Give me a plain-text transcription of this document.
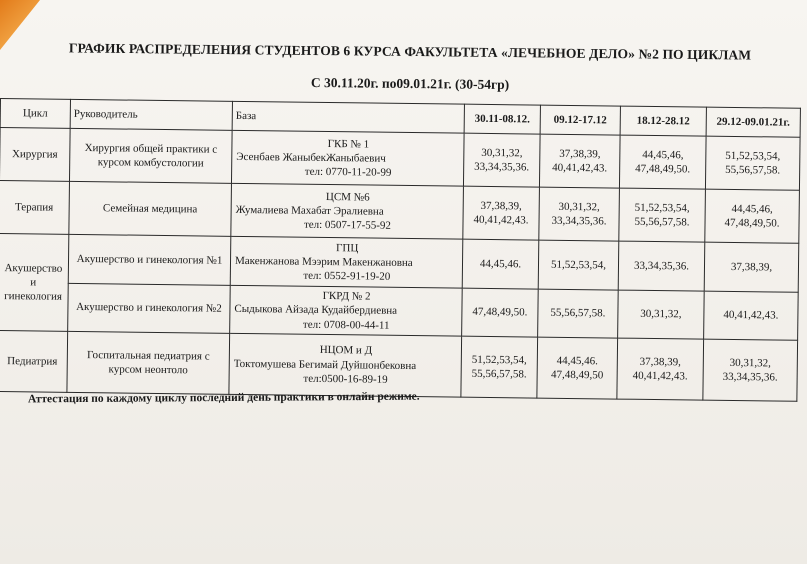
ГРАФИК РАСПРЕДЕЛЕНИЯ СТУДЕНТОВ 6 КУРСА ФАКУЛЬТЕТА «ЛЕЧЕБНОЕ ДЕЛО» №2 ПО ЦИКЛАМ
С 30.11.20г. по09.01.21г. (30-54гр)
Цикл	Руководитель	База	30.11-08.12.	09.12-17.12	18.12-28.12	29.12-09.01.21г.
Хирургия	Хирургия общей практики с курсом комбустологии	ГКБ № 1
Эсенбаев ЖаныбекЖаныбаевич
тел: 0770-11-20-99	30,31,32, 33,34,35,36.	37,38,39, 40,41,42,43.	44,45,46, 47,48,49,50.	51,52,53,54, 55,56,57,58.
Терапия	Семейная медицина	ЦСМ №6
Жумалиева Махабат Эралиевна
тел: 0507-17-55-92	37,38,39, 40,41,42,43.	30,31,32, 33,34,35,36.	51,52,53,54, 55,56,57,58.	44,45,46, 47,48,49,50.
Акушерство и гинекология	Акушерство и гинекология №1	ГПЦ
Макенжанова Мээрим Макенжановна
тел: 0552-91-19-20	44,45,46.	51,52,53,54,	33,34,35,36.	37,38,39,
	Акушерство и гинекология №2	ГКРД № 2
Сыдыкова Айзада Кудайбердиевна
тел: 0708-00-44-11	47,48,49,50.	55,56,57,58.	30,31,32,	40,41,42,43.
Педиатрия	Госпитальная педиатрия с курсом неонтоло	НЦОМ и Д
Токтомушева Бегимай Дуйшонбековна
тел:0500-16-89-19	51,52,53,54, 55,56,57,58.	44,45,46. 47,48,49,50	37,38,39, 40,41,42,43.	30,31,32, 33,34,35,36.
Аттестация по каждому циклу последний день практики в онлайн режиме.
